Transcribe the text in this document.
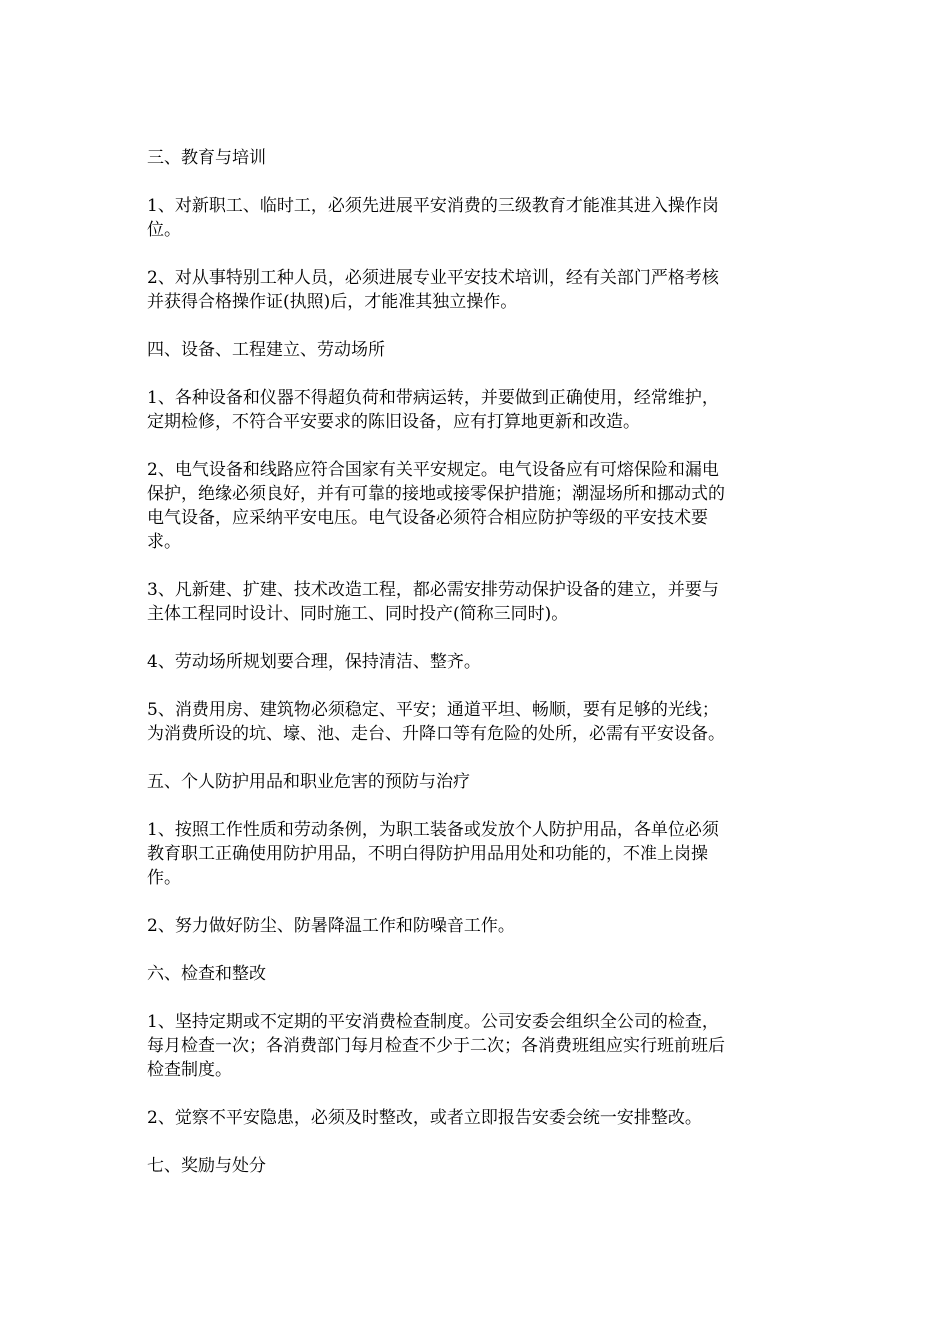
三、教育与培训

1、对新职工、临时工，必须先进展平安消费的三级教育才能准其进入操作岗
位。

2、对从事特别工种人员，必须进展专业平安技术培训，经有关部门严格考核
并获得合格操作证(执照)后，才能准其独立操作。

四、设备、工程建立、劳动场所

1、各种设备和仪器不得超负荷和带病运转，并要做到正确使用，经常维护，
定期检修，不符合平安要求的陈旧设备，应有打算地更新和改造。

2、电气设备和线路应符合国家有关平安规定。电气设备应有可熔保险和漏电
保护，绝缘必须良好，并有可靠的接地或接零保护措施；潮湿场所和挪动式的
电气设备，应采纳平安电压。电气设备必须符合相应防护等级的平安技术要
求。

3、凡新建、扩建、技术改造工程，都必需安排劳动保护设备的建立，并要与
主体工程同时设计、同时施工、同时投产(简称三同时)。

4、劳动场所规划要合理，保持清洁、整齐。

5、消费用房、建筑物必须稳定、平安；通道平坦、畅顺，要有足够的光线；
为消费所设的坑、壕、池、走台、升降口等有危险的处所，必需有平安设备。

五、个人防护用品和职业危害的预防与治疗

1、按照工作性质和劳动条例，为职工装备或发放个人防护用品，各单位必须
教育职工正确使用防护用品，不明白得防护用品用处和功能的，不准上岗操
作。

2、努力做好防尘、防暑降温工作和防噪音工作。

六、检查和整改

1、坚持定期或不定期的平安消费检查制度。公司安委会组织全公司的检查，
每月检查一次；各消费部门每月检查不少于二次；各消费班组应实行班前班后
检查制度。

2、觉察不平安隐患，必须及时整改，或者立即报告安委会统一安排整改。

七、奖励与处分
